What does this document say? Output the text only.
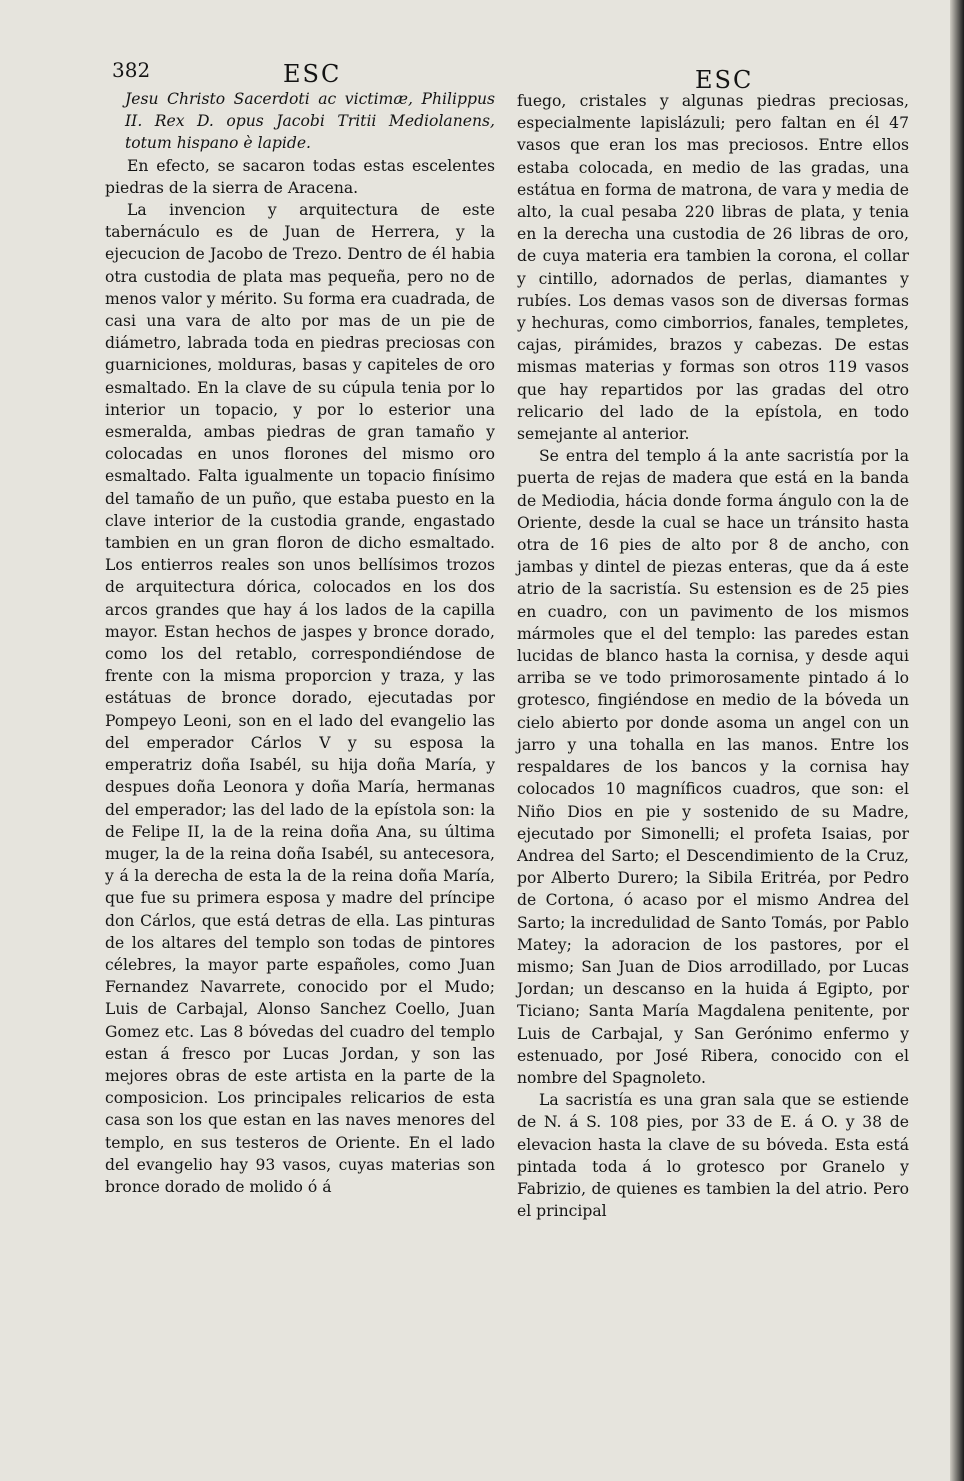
382	ESC	ESC

Jesu Christo Sacerdoti ac victimæ, Philippus II. Rex D. opus Jacobi Tritii Mediolanens, totum hispano è lapide.

En efecto, se sacaron todas estas escelentes piedras de la sierra de Aracena.

La invencion y arquitectura de este tabernáculo es de Juan de Herrera, y la ejecucion de Jacobo de Trezo. Dentro de él habia otra custodia de plata mas pequeña, pero no de menos valor y mérito. Su forma era cuadrada, de casi una vara de alto por mas de un pie de diámetro, labrada toda en piedras preciosas con guarniciones, molduras, basas y capiteles de oro esmaltado. En la clave de su cúpula tenia por lo interior un topacio, y por lo esterior una esmeralda, ambas piedras de gran tamaño y colocadas en unos florones del mismo oro esmaltado. Falta igualmente un topacio finísimo del tamaño de un puño, que estaba puesto en la clave interior de la custodia grande, engastado tambien en un gran floron de dicho esmaltado. Los entierros reales son unos bellísimos trozos de arquitectura dórica, colocados en los dos arcos grandes que hay á los lados de la capilla mayor. Estan hechos de jaspes y bronce dorado, como los del retablo, correspondiéndose de frente con la misma proporcion y traza, y las estátuas de bronce dorado, ejecutadas por Pompeyo Leoni, son en el lado del evangelio las del emperador Cárlos V y su esposa la emperatriz doña Isabél, su hija doña María, y despues doña Leonora y doña María, hermanas del emperador; las del lado de la epístola son: la de Felipe II, la de la reina doña Ana, su última muger, la de la reina doña Isabél, su antecesora, y á la derecha de esta la de la reina doña María, que fue su primera esposa y madre del príncipe don Cárlos, que está detras de ella. Las pinturas de los altares del templo son todas de pintores célebres, la mayor parte españoles, como Juan Fernandez Navarrete, conocido por el Mudo; Luis de Carbajal, Alonso Sanchez Coello, Juan Gomez etc. Las 8 bóvedas del cuadro del templo estan á fresco por Lucas Jordan, y son las mejores obras de este artista en la parte de la composicion. Los principales relicarios de esta casa son los que estan en las naves menores del templo, en sus testeros de Oriente. En el lado del evangelio hay 93 vasos, cuyas materias son bronce dorado de molido ó á

fuego, cristales y algunas piedras preciosas, especialmente lapislázuli; pero faltan en él 47 vasos que eran los mas preciosos. Entre ellos estaba colocada, en medio de las gradas, una estátua en forma de matrona, de vara y media de alto, la cual pesaba 220 libras de plata, y tenia en la derecha una custodia de 26 libras de oro, de cuya materia era tambien la corona, el collar y cintillo, adornados de perlas, diamantes y rubíes. Los demas vasos son de diversas formas y hechuras, como cimborrios, fanales, templetes, cajas, pirámides, brazos y cabezas. De estas mismas materias y formas son otros 119 vasos que hay repartidos por las gradas del otro relicario del lado de la epístola, en todo semejante al anterior.

Se entra del templo á la ante sacristía por la puerta de rejas de madera que está en la banda de Mediodia, hácia donde forma ángulo con la de Oriente, desde la cual se hace un tránsito hasta otra de 16 pies de alto por 8 de ancho, con jambas y dintel de piezas enteras, que da á este atrio de la sacristía. Su estension es de 25 pies en cuadro, con un pavimento de los mismos mármoles que el del templo: las paredes estan lucidas de blanco hasta la cornisa, y desde aqui arriba se ve todo primorosamente pintado á lo grotesco, fingiéndose en medio de la bóveda un cielo abierto por donde asoma un angel con un jarro y una tohalla en las manos. Entre los respaldares de los bancos y la cornisa hay colocados 10 magníficos cuadros, que son: el Niño Dios en pie y sostenido de su Madre, ejecutado por Simonelli; el profeta Isaias, por Andrea del Sarto; el Descendimiento de la Cruz, por Alberto Durero; la Sibila Eritréa, por Pedro de Cortona, ó acaso por el mismo Andrea del Sarto; la incredulidad de Santo Tomás, por Pablo Matey; la adoracion de los pastores, por el mismo; San Juan de Dios arrodillado, por Lucas Jordan; un descanso en la huida á Egipto, por Ticiano; Santa María Magdalena penitente, por Luis de Carbajal, y San Gerónimo enfermo y estenuado, por José Ribera, conocido con el nombre del Spagnoleto.

La sacristía es una gran sala que se estiende de N. á S. 108 pies, por 33 de E. á O. y 38 de elevacion hasta la clave de su bóveda. Esta está pintada toda á lo grotesco por Granelo y Fabrizio, de quienes es tambien la del atrio. Pero el principal
